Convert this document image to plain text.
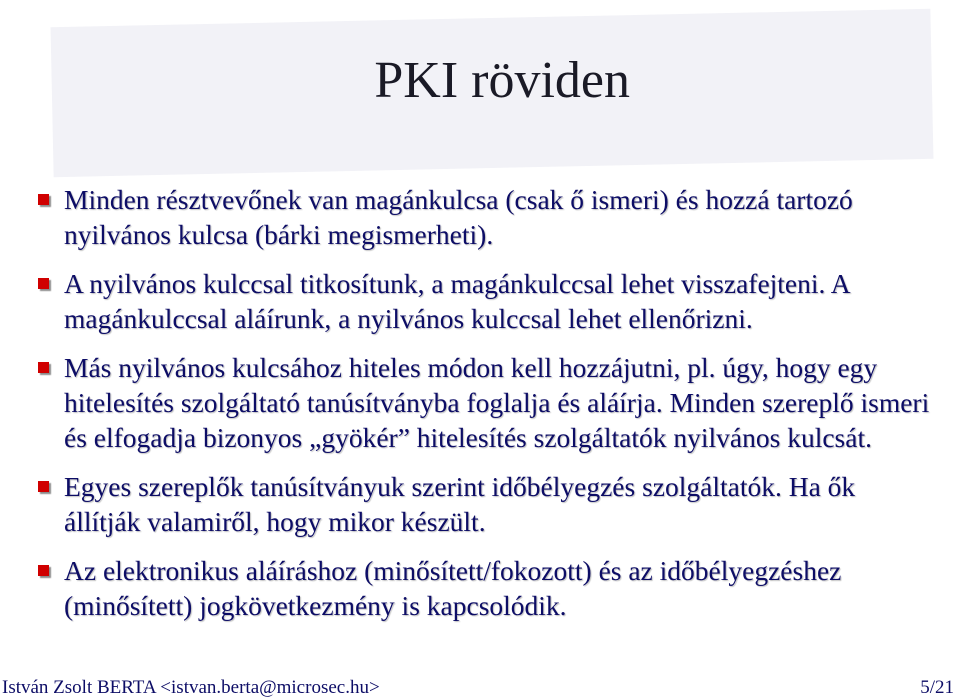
PKI röviden
Minden résztvevőnek van magánkulcsa (csak ő ismeri) és hozzá tartozó nyilvános kulcsa (bárki megismerheti).
A nyilvános kulccsal titkosítunk, a magánkulccsal lehet visszafejteni. A magánkulccsal aláírunk, a nyilvános kulccsal lehet ellenőrizni.
Más nyilvános kulcsához hiteles módon kell hozzájutni, pl. úgy, hogy egy hitelesítés szolgáltató tanúsítványba foglalja és aláírja. Minden szereplő ismeri és elfogadja bizonyos „gyökér” hitelesítés szolgáltatók nyilvános kulcsát.
Egyes szereplők tanúsítványuk szerint időbélyegzés szolgáltatók. Ha ők állítják valamiről, hogy mikor készült.
Az elektronikus aláíráshoz (minősített/fokozott) és az időbélyegzéshez (minősített) jogkövetkezmény is kapcsolódik.
István Zsolt BERTA <istvan.berta@microsec.hu>	5/21
